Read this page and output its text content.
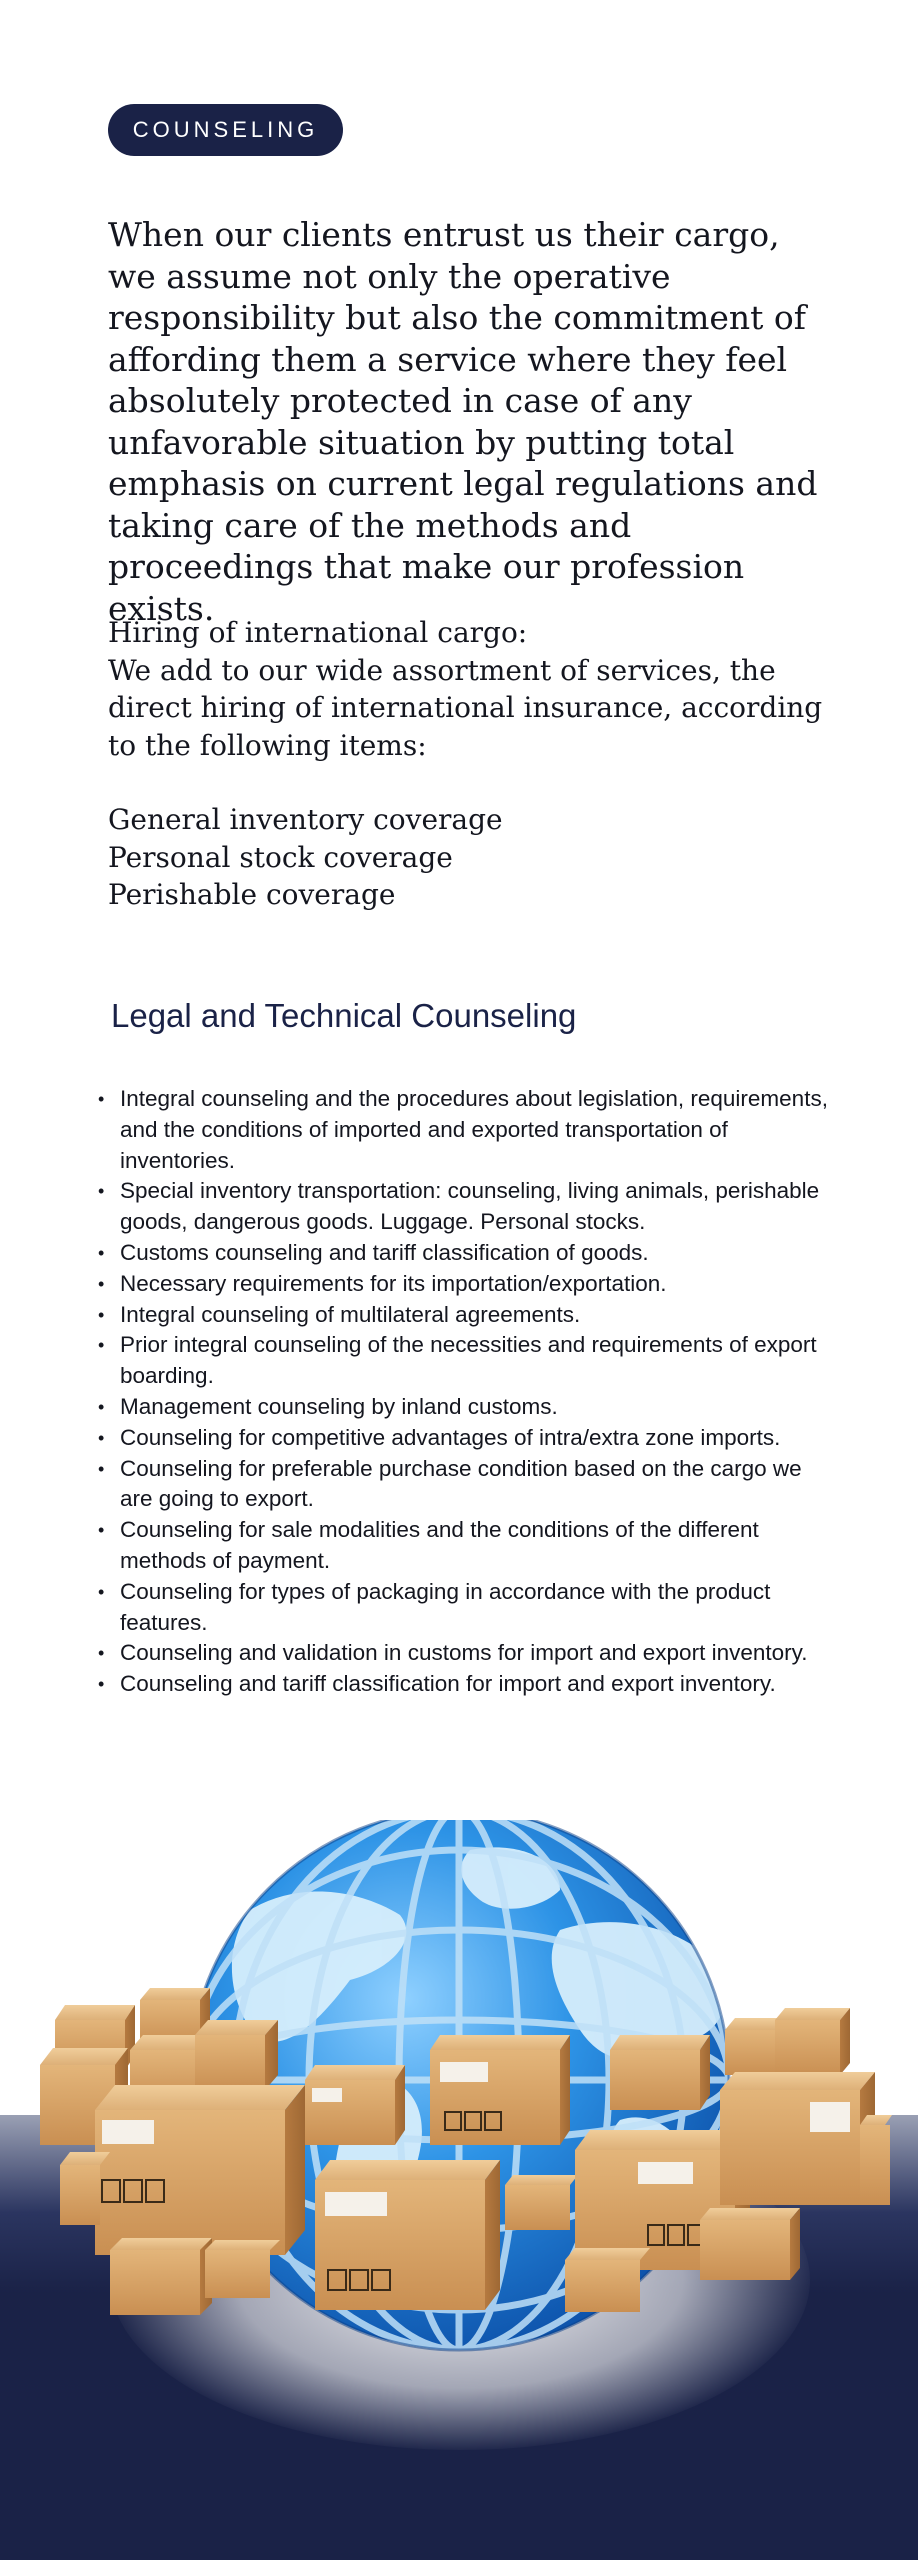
COUNSELING

When our clients entrust us their cargo, we assume not only the operative responsibility but also the commitment of affording them a service where they feel absolutely protected in case of any unfavorable situation by putting total emphasis on current legal regulations and taking care of the methods and proceedings that make our profession exists.

Hiring of international cargo:
We add to our wide assortment of services, the
direct hiring of international insurance, according
to the following items:
General inventory coverage
Personal stock coverage
Perishable coverage
Legal and Technical Counseling
• Integral counseling and the procedures about legislation, requirements, and the conditions of imported and exported transportation of inventories.
• Special inventory transportation: counseling, living animals, perishable goods, dangerous goods. Luggage. Personal stocks.
• Customs counseling and tariff classification of goods.
• Necessary requirements for its importation/exportation.
• Integral counseling of multilateral agreements.
• Prior integral counseling of the necessities and requirements of export boarding.
• Management counseling by inland customs.
• Counseling for competitive advantages of intra/extra zone imports.
• Counseling for preferable purchase condition based on the cargo we are going to export.
• Counseling for sale modalities and the conditions of the different methods of payment.
• Counseling for types of packaging in accordance with the product features.
• Counseling and validation in customs for import and export inventory.
• Counseling and tariff classification for import and export inventory.
